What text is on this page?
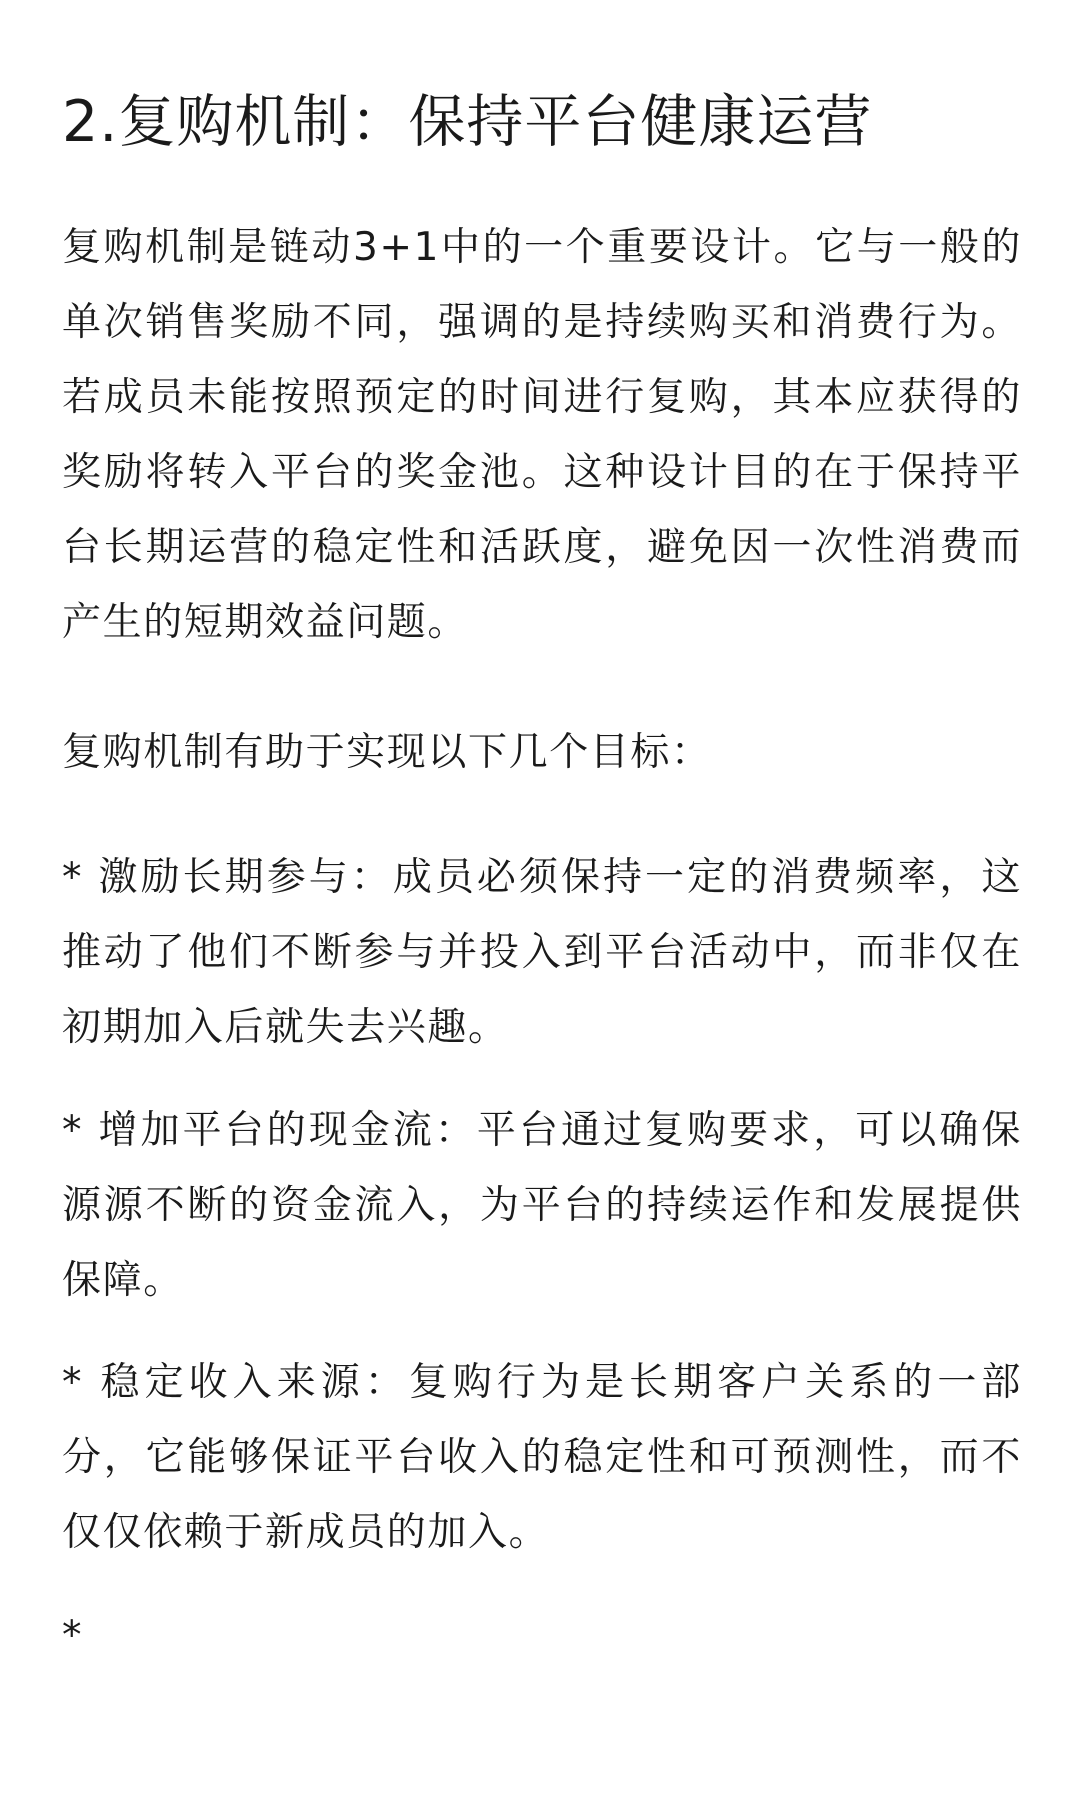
2.复购机制：保持平台健康运营

复购机制是链动3+1中的一个重要设计。它与一般的单次销售奖励不同，强调的是持续购买和消费行为。若成员未能按照预定的时间进行复购，其本应获得的奖励将转入平台的奖金池。这种设计目的在于保持平台长期运营的稳定性和活跃度，避免因一次性消费而产生的短期效益问题。

复购机制有助于实现以下几个目标：

* 激励长期参与：成员必须保持一定的消费频率，这推动了他们不断参与并投入到平台活动中，而非仅在初期加入后就失去兴趣。

* 增加平台的现金流：平台通过复购要求，可以确保源源不断的资金流入，为平台的持续运作和发展提供保障。

* 稳定收入来源：复购行为是长期客户关系的一部分，它能够保证平台收入的稳定性和可预测性，而不仅仅依赖于新成员的加入。

*
